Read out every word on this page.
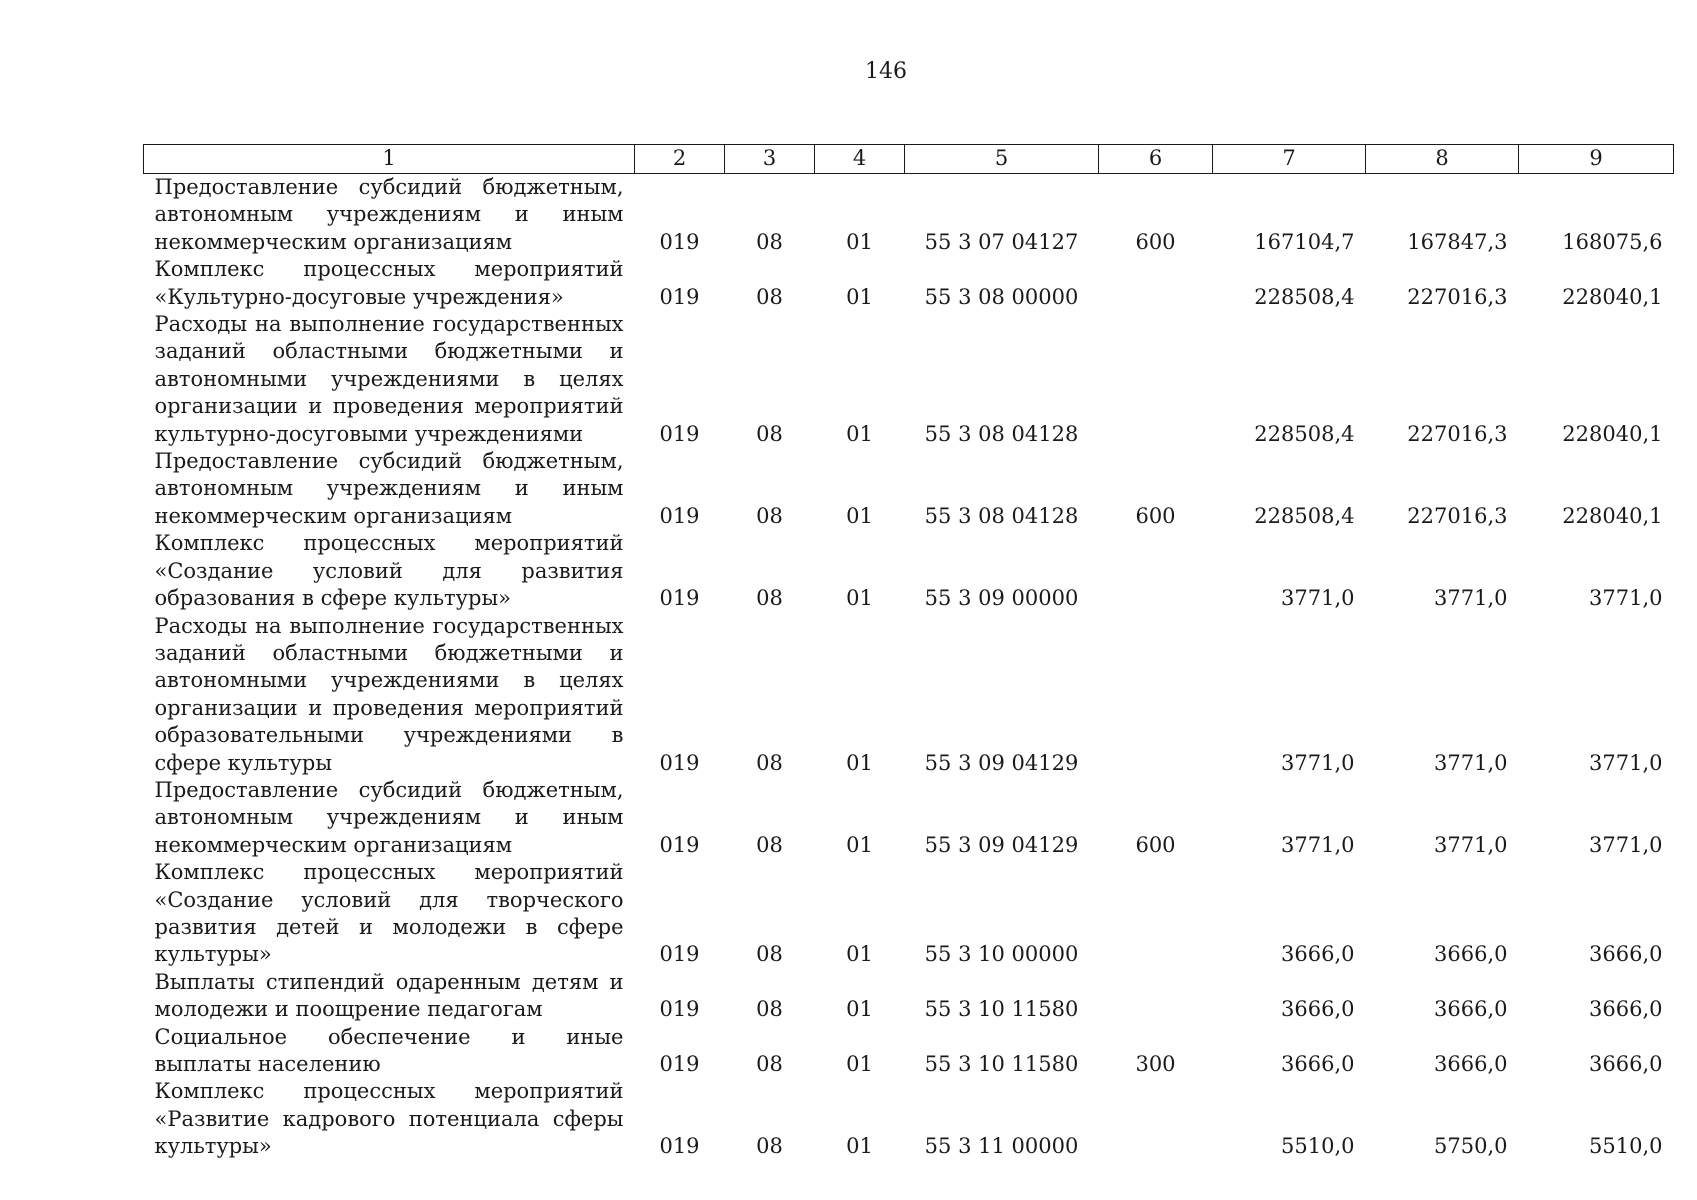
146
1	2	3	4	5	6	7	8	9
Предоставление субсидий бюджетным, автономным учреждениям и иным некоммерческим организациям	019	08	01	55 3 07 04127	600	167104,7	167847,3	168075,6
Комплекс процессных мероприятий «Культурно-досуговые учреждения»	019	08	01	55 3 08 00000		228508,4	227016,3	228040,1
Расходы на выполнение государственных заданий областными бюджетными и автономными учреждениями в целях организации и проведения мероприятий культурно-досуговыми учреждениями	019	08	01	55 3 08 04128		228508,4	227016,3	228040,1
Предоставление субсидий бюджетным, автономным учреждениям и иным некоммерческим организациям	019	08	01	55 3 08 04128	600	228508,4	227016,3	228040,1
Комплекс процессных мероприятий «Создание условий для развития образования в сфере культуры»	019	08	01	55 3 09 00000		3771,0	3771,0	3771,0
Расходы на выполнение государственных заданий областными бюджетными и автономными учреждениями в целях организации и проведения мероприятий образовательными учреждениями в сфере культуры	019	08	01	55 3 09 04129		3771,0	3771,0	3771,0
Предоставление субсидий бюджетным, автономным учреждениям и иным некоммерческим организациям	019	08	01	55 3 09 04129	600	3771,0	3771,0	3771,0
Комплекс процессных мероприятий «Создание условий для творческого развития детей и молодежи в сфере культуры»	019	08	01	55 3 10 00000		3666,0	3666,0	3666,0
Выплаты стипендий одаренным детям и молодежи и поощрение педагогам	019	08	01	55 3 10 11580		3666,0	3666,0	3666,0
Социальное обеспечение и иные выплаты населению	019	08	01	55 3 10 11580	300	3666,0	3666,0	3666,0
Комплекс процессных мероприятий «Развитие кадрового потенциала сферы культуры»	019	08	01	55 3 11 00000		5510,0	5750,0	5510,0
